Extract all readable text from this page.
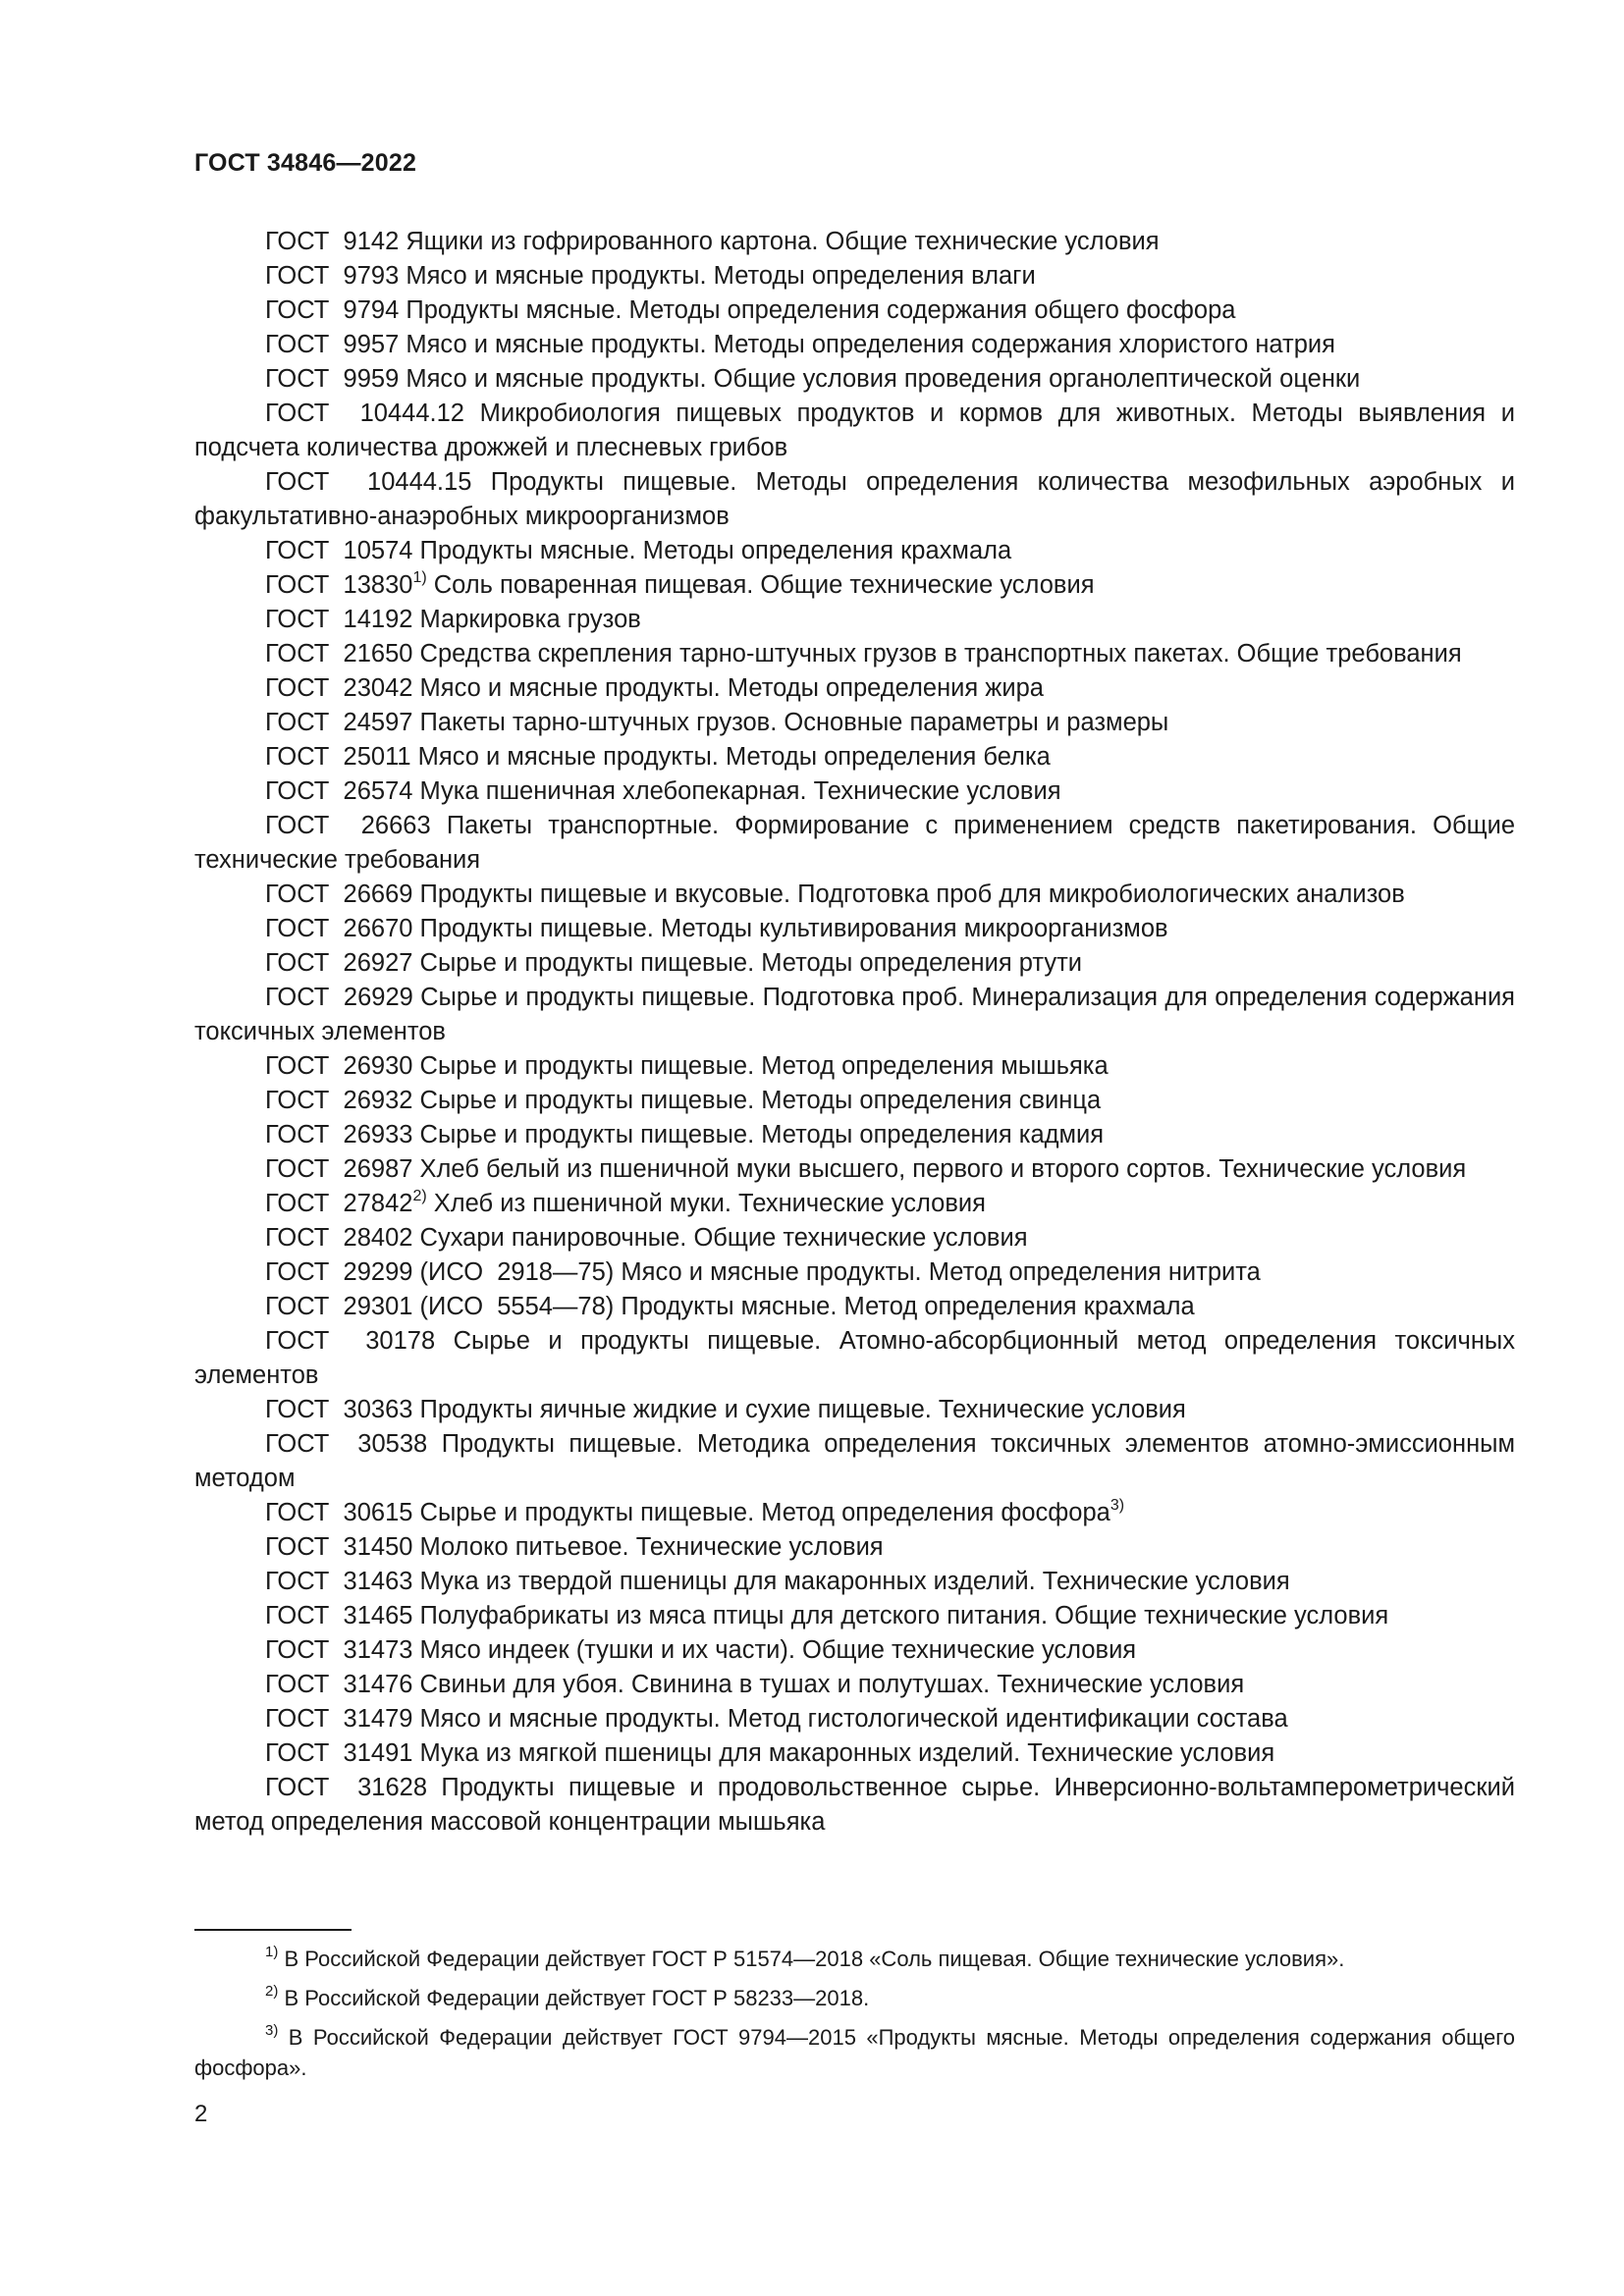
ГОСТ 34846—2022
ГОСТ  9142 Ящики из гофрированного картона. Общие технические условия
ГОСТ  9793 Мясо и мясные продукты. Методы определения влаги
ГОСТ  9794 Продукты мясные. Методы определения содержания общего фосфора
ГОСТ  9957 Мясо и мясные продукты. Методы определения содержания хлористого натрия
ГОСТ  9959 Мясо и мясные продукты. Общие условия проведения органолептической оценки
ГОСТ  10444.12 Микробиология пищевых продуктов и кормов для животных. Методы выявления и подсчета количества дрожжей и плесневых грибов
ГОСТ  10444.15 Продукты пищевые. Методы определения количества мезофильных аэробных и факультативно-анаэробных микроорганизмов
ГОСТ  10574 Продукты мясные. Методы определения крахмала
ГОСТ  13830$^{1)}$ Соль поваренная пищевая. Общие технические условия
ГОСТ  14192 Маркировка грузов
ГОСТ  21650 Средства скрепления тарно-штучных грузов в транспортных пакетах. Общие требования
ГОСТ  23042 Мясо и мясные продукты. Методы определения жира
ГОСТ  24597 Пакеты тарно-штучных грузов. Основные параметры и размеры
ГОСТ  25011 Мясо и мясные продукты. Методы определения белка
ГОСТ  26574 Мука пшеничная хлебопекарная. Технические условия
ГОСТ  26663 Пакеты транспортные. Формирование с применением средств пакетирования. Общие технические требования
ГОСТ  26669 Продукты пищевые и вкусовые. Подготовка проб для микробиологических анализов
ГОСТ  26670 Продукты пищевые. Методы культивирования микроорганизмов
ГОСТ  26927 Сырье и продукты пищевые. Методы определения ртути
ГОСТ  26929 Сырье и продукты пищевые. Подготовка проб. Минерализация для определения содержания токсичных элементов
ГОСТ  26930 Сырье и продукты пищевые. Метод определения мышьяка
ГОСТ  26932 Сырье и продукты пищевые. Методы определения свинца
ГОСТ  26933 Сырье и продукты пищевые. Методы определения кадмия
ГОСТ  26987 Хлеб белый из пшеничной муки высшего, первого и второго сортов. Технические условия
ГОСТ  27842$^{2)}$ Хлеб из пшеничной муки. Технические условия
ГОСТ  28402 Сухари панировочные. Общие технические условия
ГОСТ  29299 (ИСО  2918—75) Мясо и мясные продукты. Метод определения нитрита
ГОСТ  29301 (ИСО  5554—78) Продукты мясные. Метод определения крахмала
ГОСТ  30178 Сырье и продукты пищевые. Атомно-абсорбционный метод определения токсичных элементов
ГОСТ  30363 Продукты яичные жидкие и сухие пищевые. Технические условия
ГОСТ  30538 Продукты пищевые. Методика определения токсичных элементов атомно-эмиссионным методом
ГОСТ  30615 Сырье и продукты пищевые. Метод определения фосфора$^{3)}$
ГОСТ  31450 Молоко питьевое. Технические условия
ГОСТ  31463 Мука из твердой пшеницы для макаронных изделий. Технические условия
ГОСТ  31465 Полуфабрикаты из мяса птицы для детского питания. Общие технические условия
ГОСТ  31473 Мясо индеек (тушки и их части). Общие технические условия
ГОСТ  31476 Свиньи для убоя. Свинина в тушах и полутушах. Технические условия
ГОСТ  31479 Мясо и мясные продукты. Метод гистологической идентификации состава
ГОСТ  31491 Мука из мягкой пшеницы для макаронных изделий. Технические условия
ГОСТ  31628 Продукты пищевые и продовольственное сырье. Инверсионно-вольтамперометрический метод определения массовой концентрации мышьяка
$^{1)}$ В Российской Федерации действует ГОСТ Р 51574—2018 «Соль пищевая. Общие технические условия».
$^{2)}$ В Российской Федерации действует ГОСТ Р 58233—2018.
$^{3)}$ В Российской Федерации действует ГОСТ 9794—2015 «Продукты мясные. Методы определения содержания общего фосфора».
2
